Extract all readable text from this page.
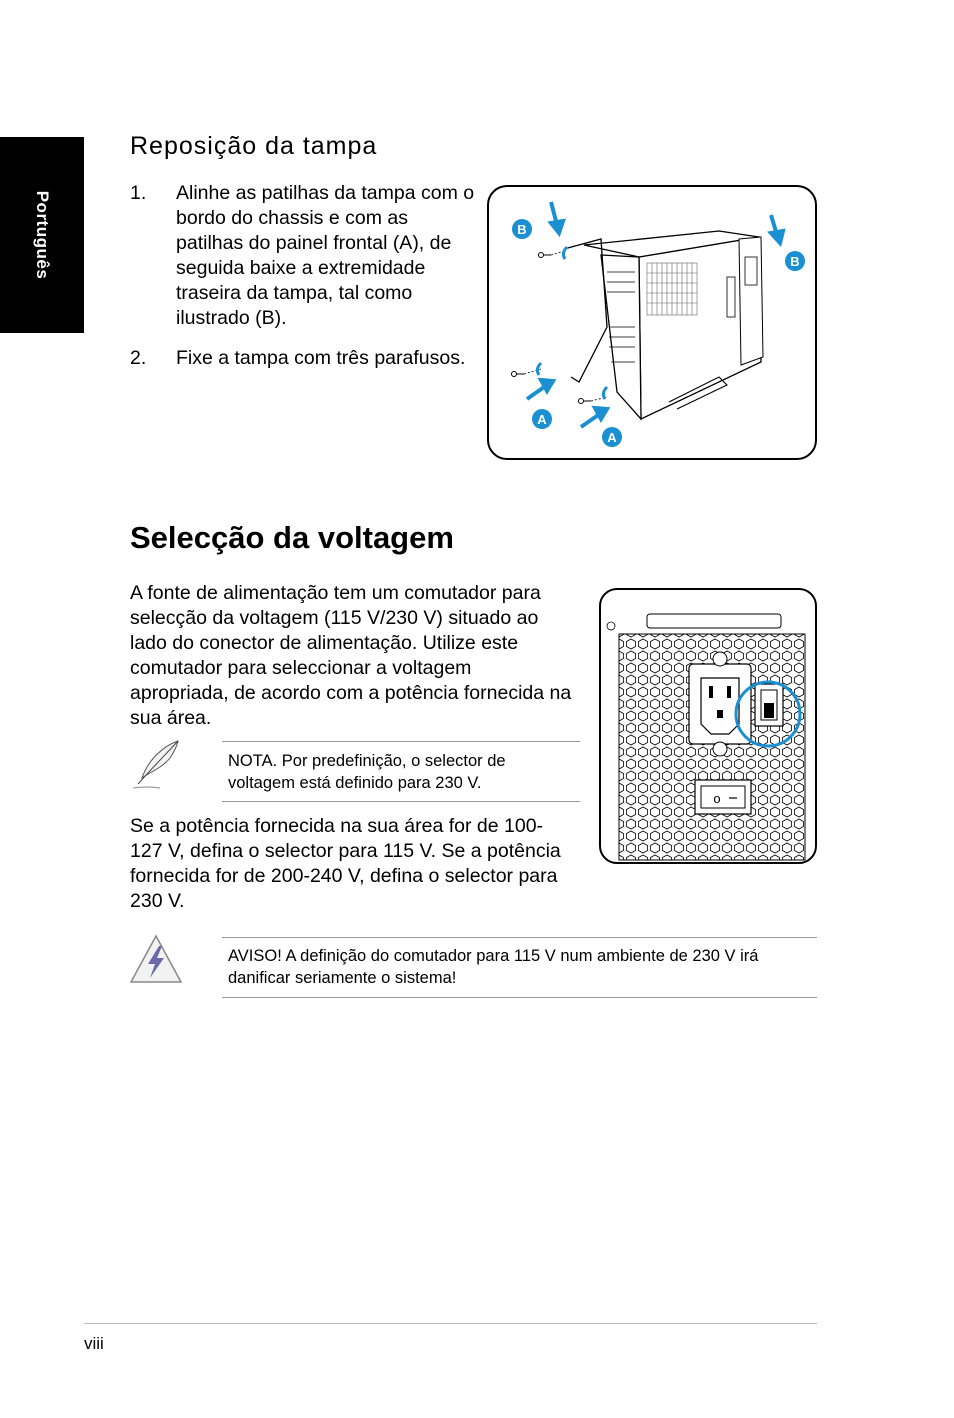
Português
Reposição da tampa
1. Alinhe as patilhas da tampa com o bordo do chassis e com as patilhas do painel frontal (A), de seguida baixe a extremidade traseira da tampa, tal como ilustrado (B).
2. Fixe a tampa com três parafusos.
B
B
A
A
Selecção da voltagem
A fonte de alimentação tem um comutador para selecção da voltagem (115 V/230 V) situado ao lado do conector de alimentação. Utilize este comutador para seleccionar a voltagem apropriada, de acordo com a potência fornecida na sua área.
o
NOTA. Por predefinição, o selector de voltagem está definido para 230 V.
Se a potência fornecida na sua área for de 100-127 V, defina o selector para 115 V. Se a potência fornecida for de 200-240 V, defina o selector para 230 V.
AVISO! A definição do comutador para 115 V num ambiente de 230 V irá danificar seriamente o sistema!
viii
